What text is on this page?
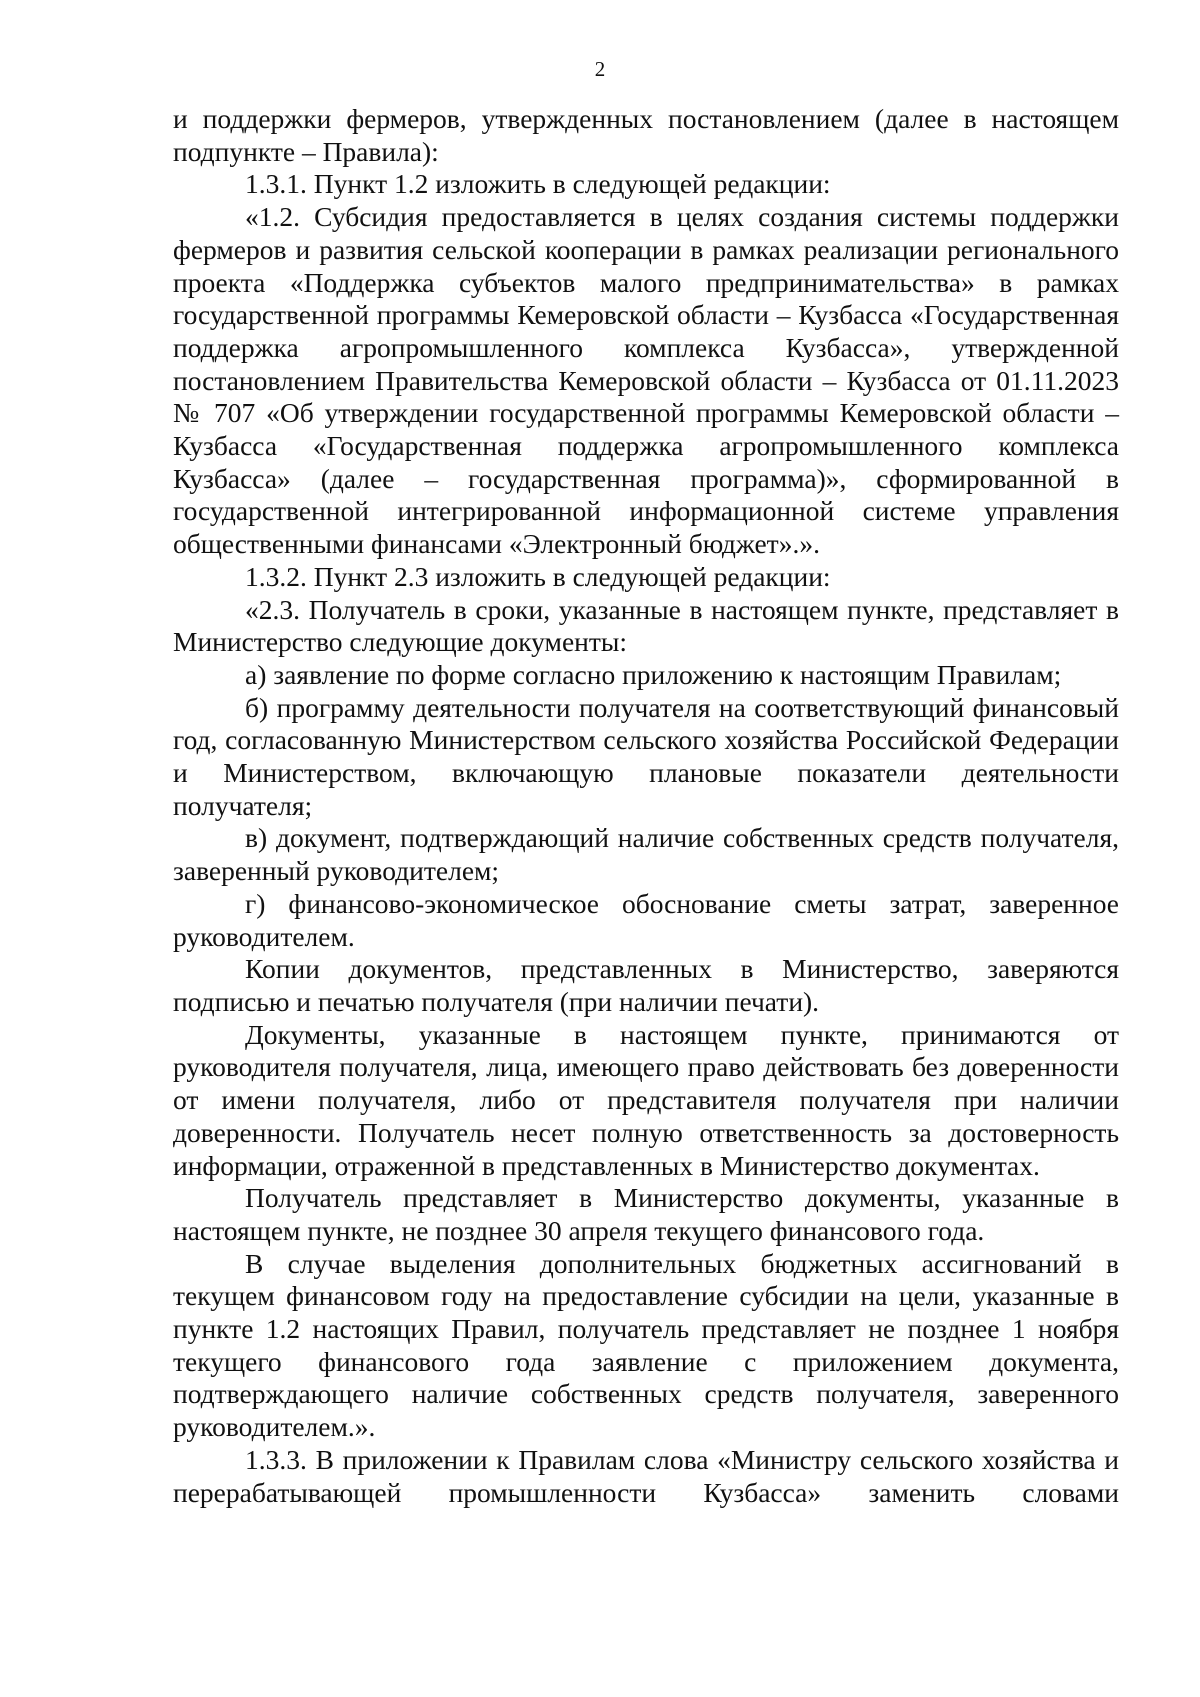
2

и поддержки фермеров, утвержденных постановлением (далее в настоящем подпункте – Правила):

1.3.1. Пункт 1.2 изложить в следующей редакции:

«1.2. Субсидия предоставляется в целях создания системы поддержки фермеров и развития сельской кооперации в рамках реализации регионального проекта «Поддержка субъектов малого предпринимательства» в рамках государственной программы Кемеровской области – Кузбасса «Государственная поддержка агропромышленного комплекса Кузбасса», утвержденной постановлением Правительства Кемеровской области – Кузбасса от 01.11.2023 № 707 «Об утверждении государственной программы Кемеровской области – Кузбасса «Государственная поддержка агропромышленного комплекса Кузбасса» (далее – государственная программа)», сформированной в государственной интегрированной информационной системе управления общественными финансами «Электронный бюджет».».

1.3.2. Пункт 2.3 изложить в следующей редакции:

«2.3. Получатель в сроки, указанные в настоящем пункте, представляет в Министерство следующие документы:

а) заявление по форме согласно приложению к настоящим Правилам;

б) программу деятельности получателя на соответствующий финансовый год, согласованную Министерством сельского хозяйства Российской Федерации и Министерством, включающую плановые показатели деятельности получателя;

в) документ, подтверждающий наличие собственных средств получателя, заверенный руководителем;

г) финансово-экономическое обоснование сметы затрат, заверенное руководителем.

Копии документов, представленных в Министерство, заверяются подписью и печатью получателя (при наличии печати).

Документы, указанные в настоящем пункте, принимаются от руководителя получателя, лица, имеющего право действовать без доверенности от имени получателя, либо от представителя получателя при наличии доверенности. Получатель несет полную ответственность за достоверность информации, отраженной в представленных в Министерство документах.

Получатель представляет в Министерство документы, указанные в настоящем пункте, не позднее 30 апреля текущего финансового года.

В случае выделения дополнительных бюджетных ассигнований в текущем финансовом году на предоставление субсидии на цели, указанные в пункте 1.2 настоящих Правил, получатель представляет не позднее 1 ноября текущего финансового года заявление с приложением документа, подтверждающего наличие собственных средств получателя, заверенного руководителем.».

1.3.3. В приложении к Правилам слова «Министру сельского хозяйства и перерабатывающей промышленности Кузбасса» заменить словами
